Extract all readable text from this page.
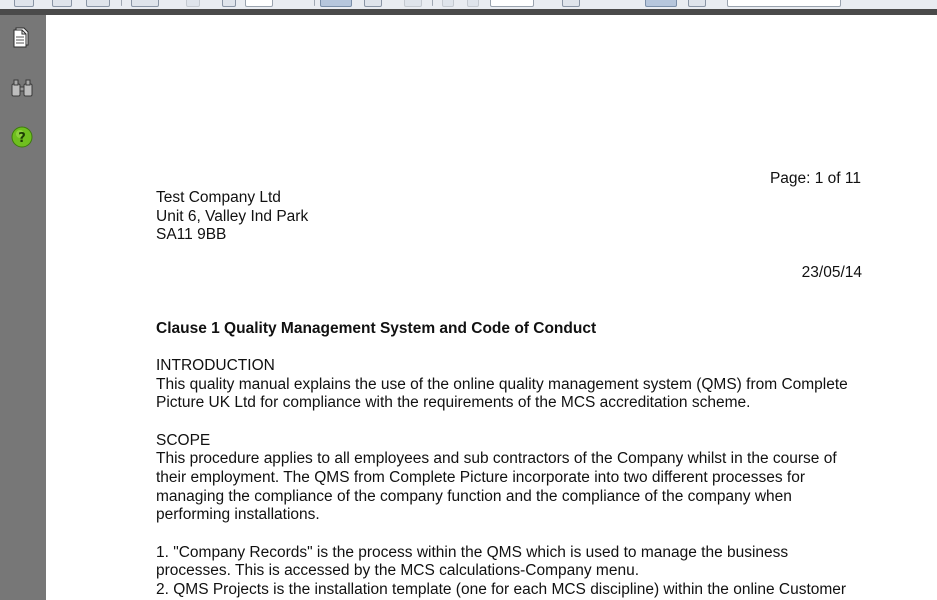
?
Page: 1 of 11
Test Company Ltd
Unit 6, Valley Ind Park
SA11 9BB
23/05/14
Clause 1 Quality Management System and Code of Conduct
INTRODUCTION
This quality manual explains the use of the online quality management system (QMS) from Complete
Picture UK Ltd for compliance with the requirements of the MCS accreditation scheme.
SCOPE
This procedure applies to all employees and sub contractors of the Company whilst in the course of
their employment. The QMS from Complete Picture incorporate into two different processes for
managing the compliance of the company function and the compliance of the company when
performing installations.
1. "Company Records" is the process within the QMS which is used to manage the business
processes. This is accessed by the MCS calculations-Company menu.
2. QMS Projects is the installation template (one for each MCS discipline) within the online Customer
